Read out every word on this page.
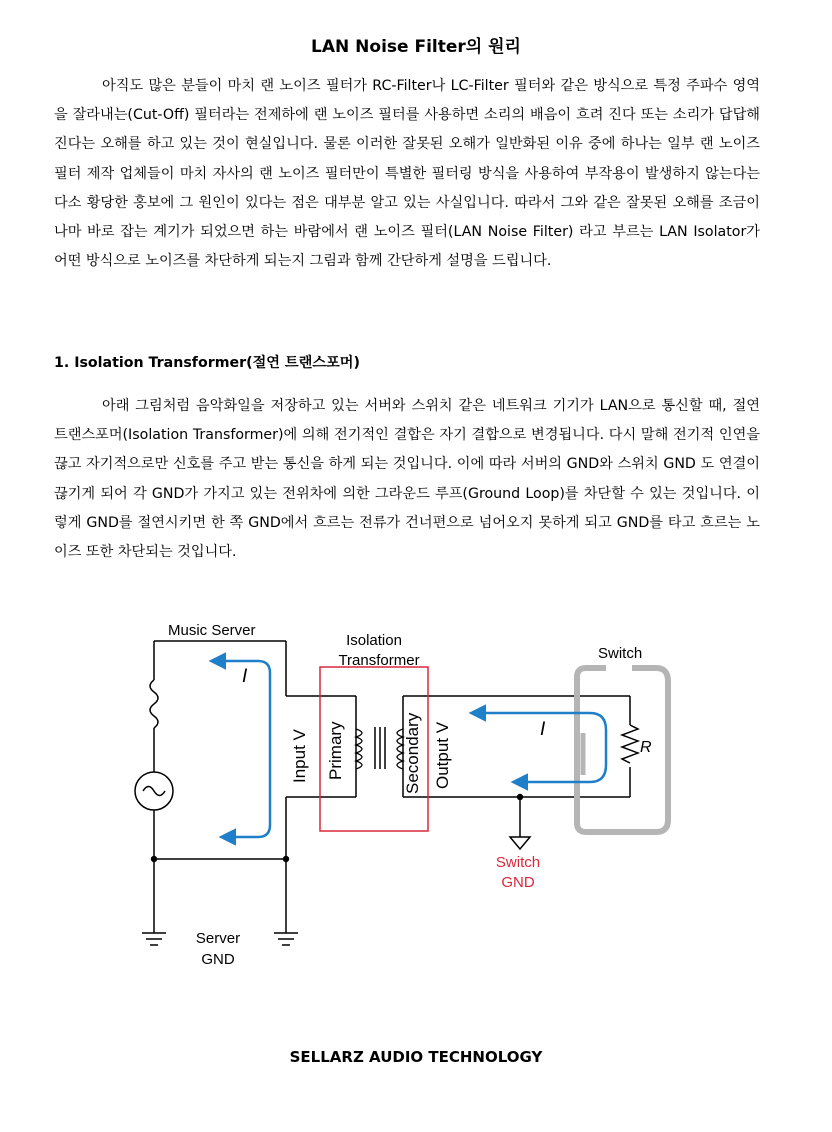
LAN Noise Filter의 원리

아직도 많은 분들이 마치 랜 노이즈 필터가 RC-Filter나 LC-Filter 필터와 같은 방식으로 특정 주파수 영역을 잘라내는(Cut-Off) 필터라는 전제하에 랜 노이즈 필터를 사용하면 소리의 배음이 흐려 진다 또는 소리가 답답해진다는 오해를 하고 있는 것이 현실입니다. 물론 이러한 잘못된 오해가 일반화된 이유 중에 하나는 일부 랜 노이즈 필터 제작 업체들이 마치 자사의 랜 노이즈 필터만이 특별한 필터링 방식을 사용하여 부작용이 발생하지 않는다는 다소 황당한 홍보에 그 원인이 있다는 점은 대부분 알고 있는 사실입니다. 따라서 그와 같은 잘못된 오해를 조금이나마 바로 잡는 계기가 되었으면 하는 바람에서 랜 노이즈 필터(LAN Noise Filter) 라고 부르는 LAN Isolator가 어떤 방식으로 노이즈를 차단하게 되는지 그림과 함께 간단하게 설명을 드립니다.

1. Isolation Transformer(절연 트랜스포머)

아래 그림처럼 음악화일을 저장하고 있는 서버와 스위치 같은 네트워크 기기가 LAN으로 통신할 때, 절연 트랜스포머(Isolation Transformer)에 의해 전기적인 결합은 자기 결합으로 변경됩니다. 다시 말해 전기적 인연을 끊고 자기적으로만 신호를 주고 받는 통신을 하게 되는 것입니다. 이에 따라 서버의 GND와 스위치 GND 도 연결이 끊기게 되어 각 GND가 가지고 있는 전위차에 의한 그라운드 루프(Ground Loop)를 차단할 수 있는 것입니다. 이렇게 GND를 절연시키면 한 쪽 GND에서 흐르는 전류가 건너편으로 넘어오지 못하게 되고 GND를 타고 흐르는 노이즈 또한 차단되는 것입니다.

Music Server
Isolation
Transformer	Switch
I
I
R
Input V Primary	Secondary Output V
Switch
GND
Server
GND
SELLARZ AUDIO TECHNOLOGY
